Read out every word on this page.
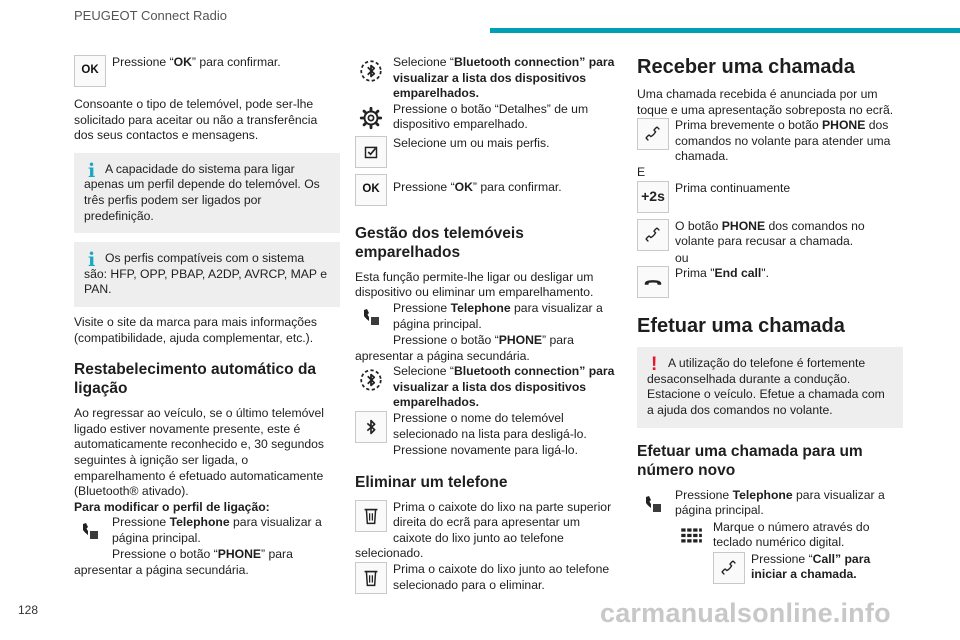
PEUGEOT Connect Radio
OK
Pressione “OK” para confirmar.

Consoante o tipo de telemóvel, pode ser-lhe solicitado para aceitar ou não a transferência dos seus contactos e mensagens.

i A capacidade do sistema para ligar apenas um perfil depende do telemóvel. Os três perfis podem ser ligados por predefinição.

i Os perfis compatíveis com o sistema são: HFP, OPP, PBAP, A2DP, AVRCP, MAP e PAN.

Visite o site da marca para mais informações (compatibilidade, ajuda complementar, etc.).

Restabelecimento automático da ligação

Ao regressar ao veículo, se o último telemóvel ligado estiver novamente presente, este é automaticamente reconhecido e, 30 segundos seguintes à ignição ser ligada, o emparelhamento é efetuado automaticamente (Bluetooth® ativado).

Para modificar o perfil de ligação:

Pressione Telephone para visualizar a página principal.

Pressione o botão “PHONE” para apresentar a página secundária.

Selecione “Bluetooth connection” para visualizar a lista dos dispositivos emparelhados.
Pressione o botão “Detalhes” de um dispositivo emparelhado.
Selecione um ou mais perfis.
OK Pressione “OK” para confirmar.
Gestão dos telemóveis emparelhados

Esta função permite-lhe ligar ou desligar um dispositivo ou eliminar um emparelhamento.

Pressione Telephone para visualizar a página principal.

Pressione o botão “PHONE” para apresentar a página secundária.

Selecione “Bluetooth connection” para visualizar a lista dos dispositivos emparelhados.
Pressione o nome do telemóvel selecionado na lista para desligá-lo.

Pressione novamente para ligá-lo.

Eliminar um telefone
Prima o caixote do lixo na parte superior direita do ecrã para apresentar um caixote do lixo junto ao telefone selecionado.
Prima o caixote do lixo junto ao telefone selecionado para o eliminar.
Receber uma chamada

Uma chamada recebida é anunciada por um toque e uma apresentação sobreposta no ecrã.

Prima brevemente o botão PHONE dos comandos no volante para atender uma chamada.

E

+2s
Prima continuamente
O botão PHONE dos comandos no volante para recusar a chamada.

ou

Prima "End call".
Efetuar uma chamada
! A utilização do telefone é fortemente desaconselhada durante a condução. Estacione o veículo. Efetue a chamada com a ajuda dos comandos no volante.

Efetuar uma chamada para um número novo
Pressione Telephone para visualizar a página principal.
Marque o número através do teclado numérico digital.
Pressione “Call” para iniciar a chamada.
128	carmanualsonline.info
